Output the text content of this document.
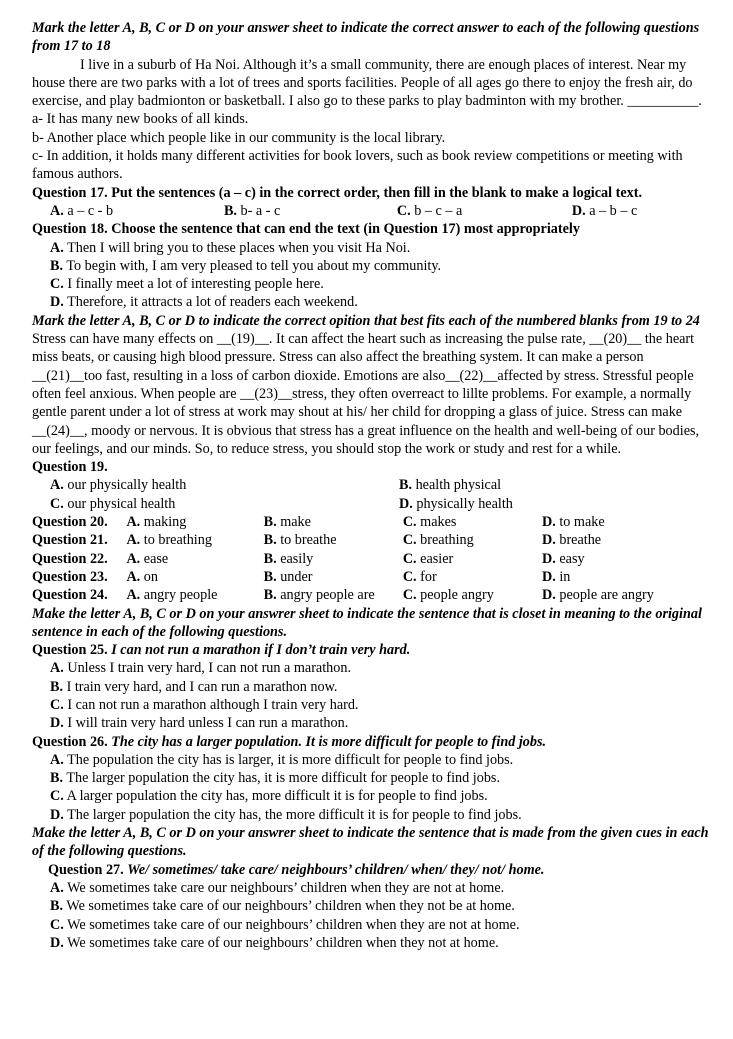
Mark the letter A, B, C or D on your answer sheet to indicate the correct answer to each of the following questions from 17 to 18

I live in a suburb of Ha Noi. Although it’s a small community, there are enough places of interest. Near my house there are two parks with a lot of trees and sports facilities. People of all ages go there to enjoy the fresh air, do exercise, and play badmionton or basketball. I also go to these parks to play badminton with my brother. __________.

a- It has many new books of all kinds.

b- Another place which people like in our community is the local library.

c- In addition, it holds many different activities for book lovers, such as book review competitions or meeting with famous authors.

Question 17. Put the sentences (a – c) in the correct order, then fill in the blank to make a logical text.

A. a – c - b	B. b- a - c	C. b – c – a	D. a – b – c

Question 18. Choose the sentence that can end the text (in Question 17) most appropriately

A. Then I will bring you to these places when you visit Ha Noi.
B. To begin with, I am very pleased to tell you about my community.
C. I finally meet a lot of interesting people here.
D. Therefore, it attracts a lot of readers each weekend.

Mark the letter A, B, C or D to indicate the correct opition that best fits each of the numbered blanks from 19 to 24

Stress can have many effects on __(19)__. It can affect the heart such as increasing the pulse rate, __(20)__ the heart miss beats, or causing high blood pressure. Stress can also affect the breathing system. It can make a person __(21)__too fast, resulting in a loss of carbon dioxide. Emotions are also__(22)__affected by stress. Stressful people often feel anxious. When people are __(23)__stress, they often overreact to lillte problems. For example, a normally gentle parent under a lot of stress at work may shout at his/ her child for dropping a glass of juice. Stress can make __(24)__, moody or nervous. It is obvious that stress has a great influence on the health and well-being of our bodies, our feelings, and our minds. So, to reduce stress, you should stop the work or study and rest for a while.

Question 19.

A. our physically health	B. health physical
C. our physical health	D. physically health
Question 20.	A. making	B. make	C. makes	D. to make
Question 21.	A. to breathing	B. to breathe	C. breathing	D. breathe
Question 22.	A. ease	B. easily	C. easier	D. easy
Question 23.	A. on	B. under	C. for	D. in
Question 24.	A. angry people	B. angry people are	C. people angry	D. people are angry

Make the letter A, B, C or D on your answrer sheet to indicate the sentence that is closet in meaning to the original sentence in each of the following questions.

Question 25. I can not run a marathon if I don’t train very hard.

A. Unless I train very hard, I can not run a marathon.
B. I train very hard, and I can run a marathon now.
C. I can not run a marathon although I train very hard.
D. I will train very hard unless I can run a marathon.

Question 26. The city has a larger population. It is more difficult for people to find jobs.

A. The population the city has is larger, it is more difficult for people to find jobs.
B. The larger population the city has, it is more difficult for people to find jobs.
C. A larger population the city has, more difficult it is for people to find jobs.
D. The larger population the city has, the more difficult it is for people to find jobs.

Make the letter A, B, C or D on your answrer sheet to indicate the sentence that is made from the given cues in each of the following questions.

Question 27. We/ sometimes/ take care/ neighbours’ children/ when/ they/ not/ home.

A. We sometimes take care our neighbours’ children when they are not at home.
B. We sometimes take care of our neighbours’ children when they not be at home.
C. We sometimes take care of our neighbours’ children when they are not at home.
D. We sometimes take care of our neighbours’ children when they not at home.
